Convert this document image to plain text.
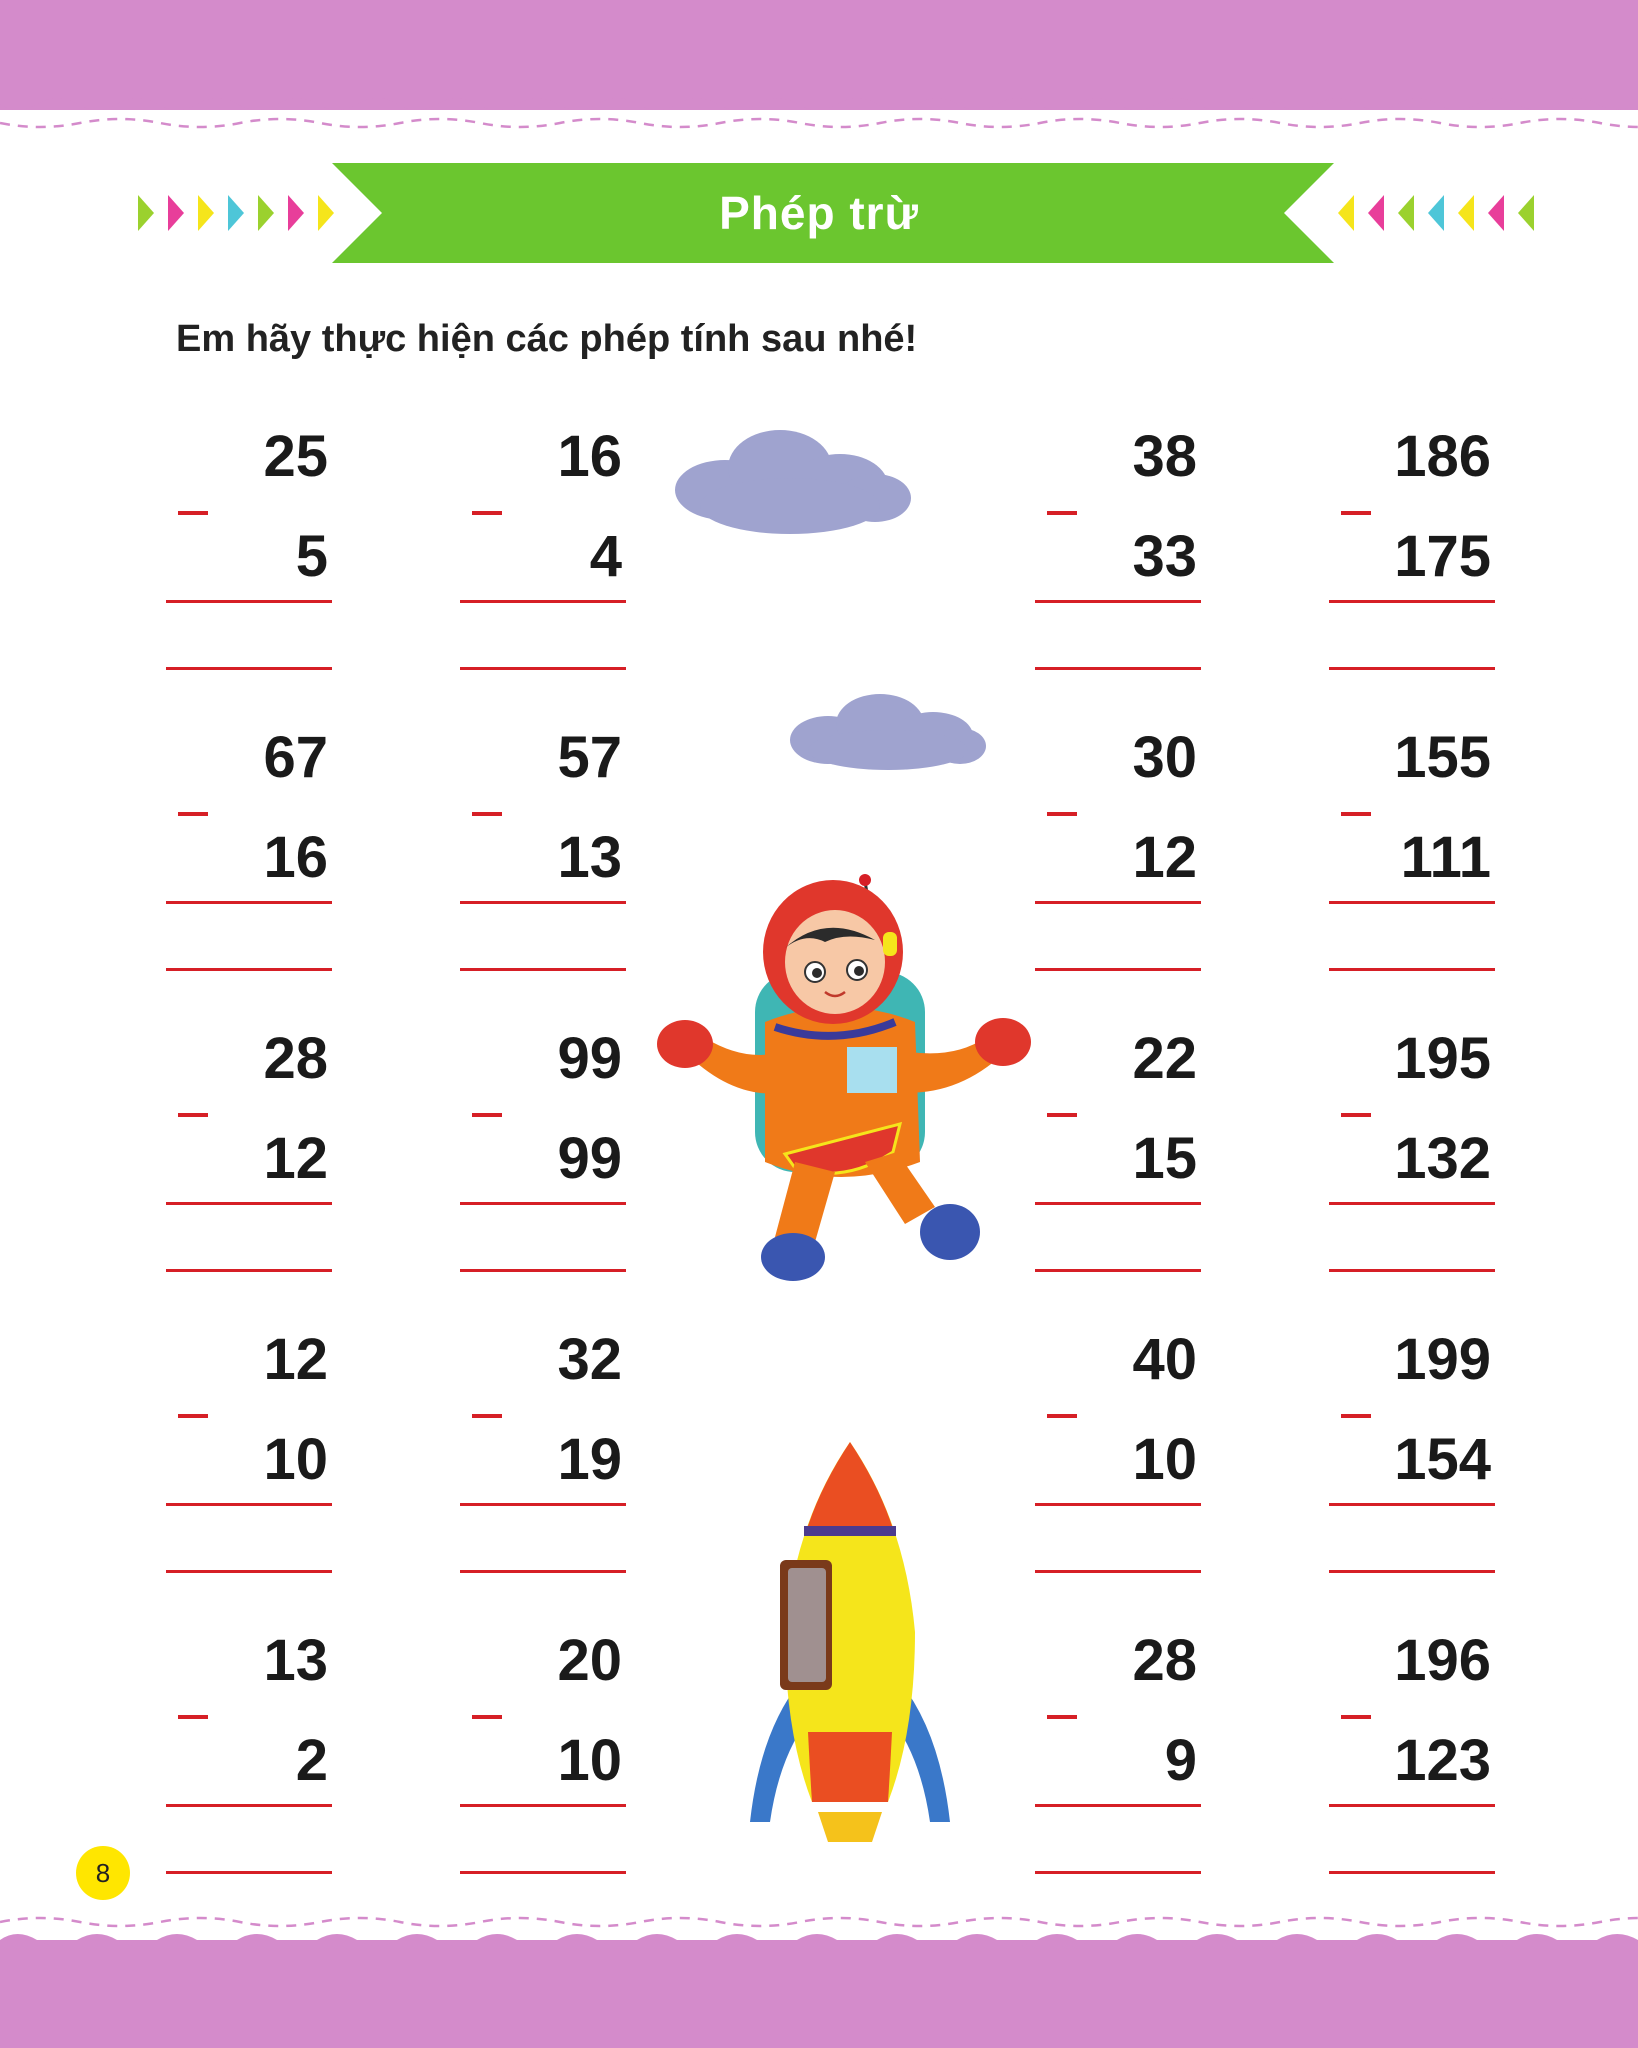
Phép trừ
Em hãy thực hiện các phép tính sau nhé!
25
5
67
16
28
12
12
10
13
2
16
4
57
13
99
99
32
19
20
10
38
33
30
12
22
15
40
10
28
9
186
175
155
111
195
132
199
154
196
123
8
